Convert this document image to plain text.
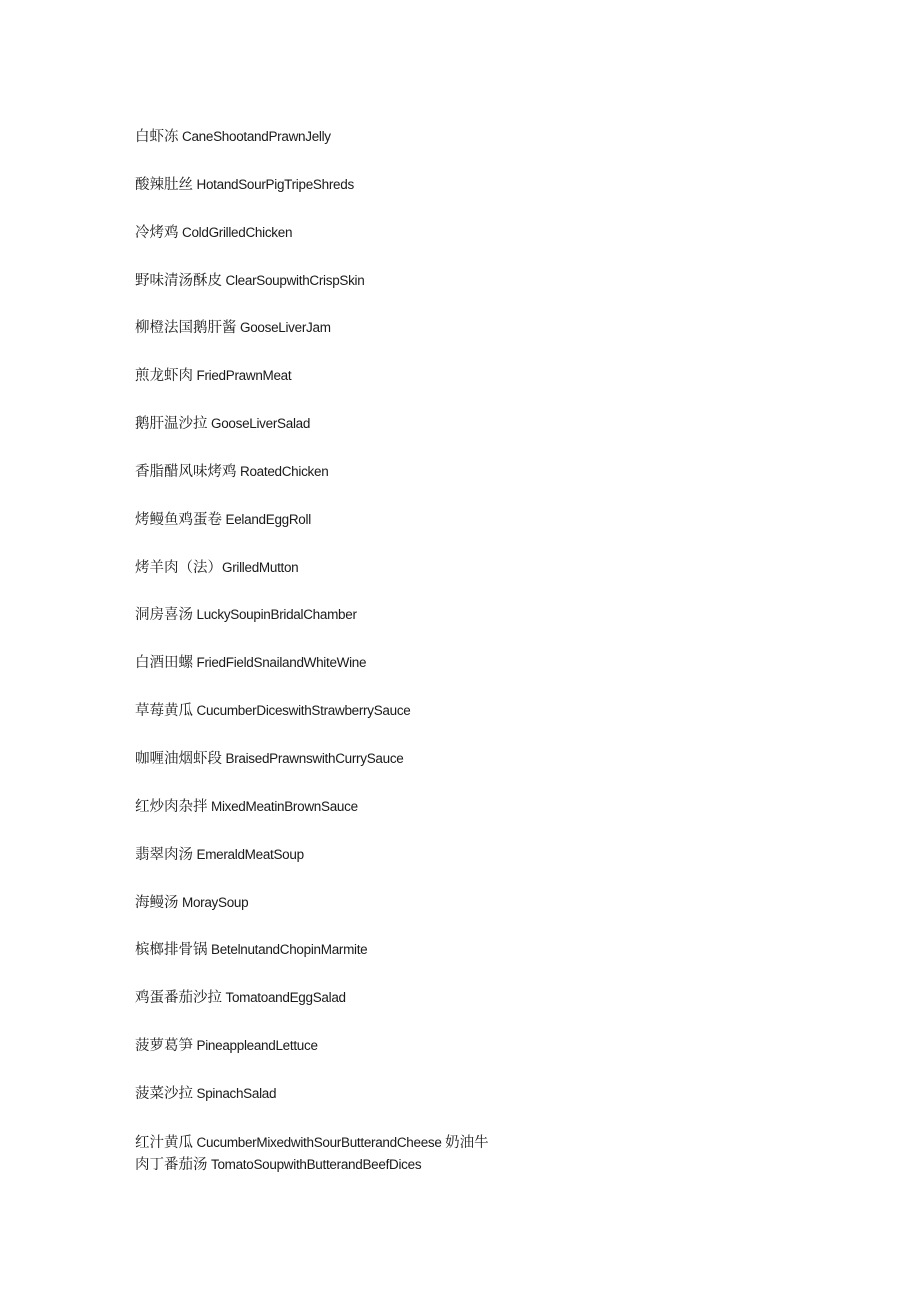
白虾冻 CaneShootandPrawnJelly
酸辣肚丝 HotandSourPigTripeShreds
冷烤鸡 ColdGrilledChicken
野味清汤酥皮 ClearSoupwithCrispSkin
柳橙法国鹅肝酱 GooseLiverJam
煎龙虾肉 FriedPrawnMeat
鹅肝温沙拉 GooseLiverSalad
香脂醋风味烤鸡 RoatedChicken
烤鳗鱼鸡蛋卷 EelandEggRoll
烤羊肉（法）GrilledMutton
洞房喜汤 LuckySoupinBridalChamber
白酒田螺 FriedFieldSnailandWhiteWine
草莓黄瓜 CucumberDiceswithStrawberrySauce
咖喱油烟虾段 BraisedPrawnswithCurrySauce
红炒肉杂拌 MixedMeatinBrownSauce
翡翠肉汤 EmeraldMeatSoup
海鳗汤 MoraySoup
槟榔排骨锅 BetelnutandChopinMarmite
鸡蛋番茄沙拉 TomatoandEggSalad
菠萝葛笋 PineappleandLettuce
菠菜沙拉 SpinachSalad
红汁黄瓜 CucumberMixedwithSourButterandCheese 奶油牛
肉丁番茄汤 TomatoSoupwithButterandBeefDices
